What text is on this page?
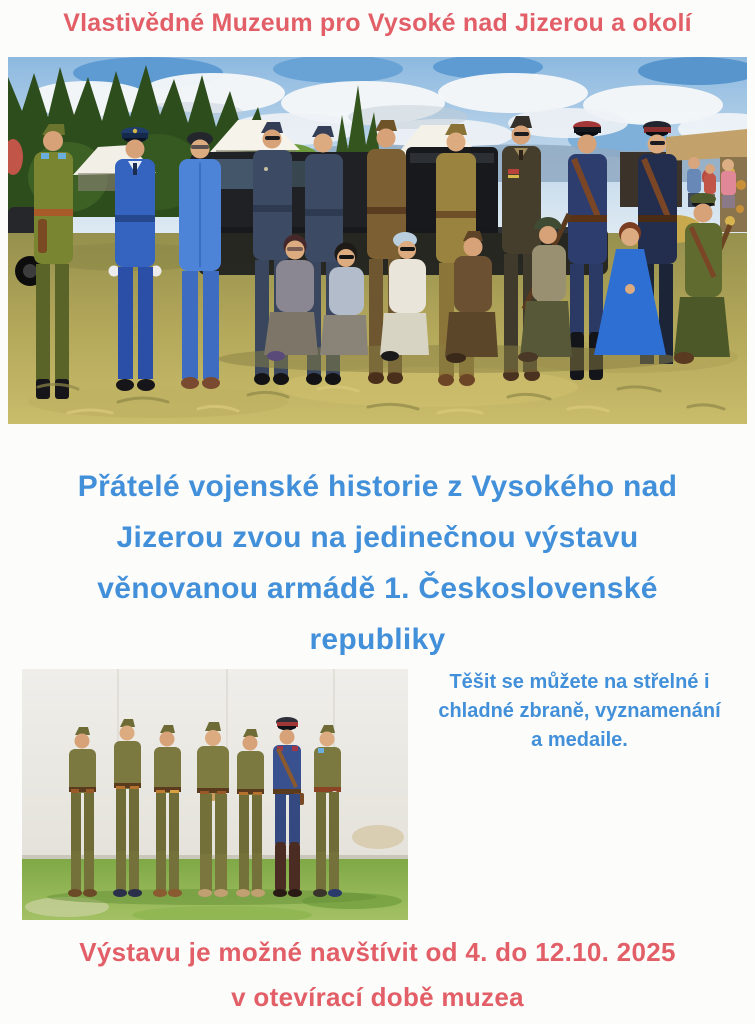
Vlastivědné Muzeum pro Vysoké nad Jizerou a okolí
Přátelé vojenské historie z Vysokého nad
Jizerou zvou na jedinečnou výstavu
věnovanou armádě 1. Československé
republiky
Těšit se můžete na střelné i
chladné zbraně, vyznamenání
a medaile.
Výstavu je možné navštívit od 4. do 12.10. 2025
v otevírací době muzea
